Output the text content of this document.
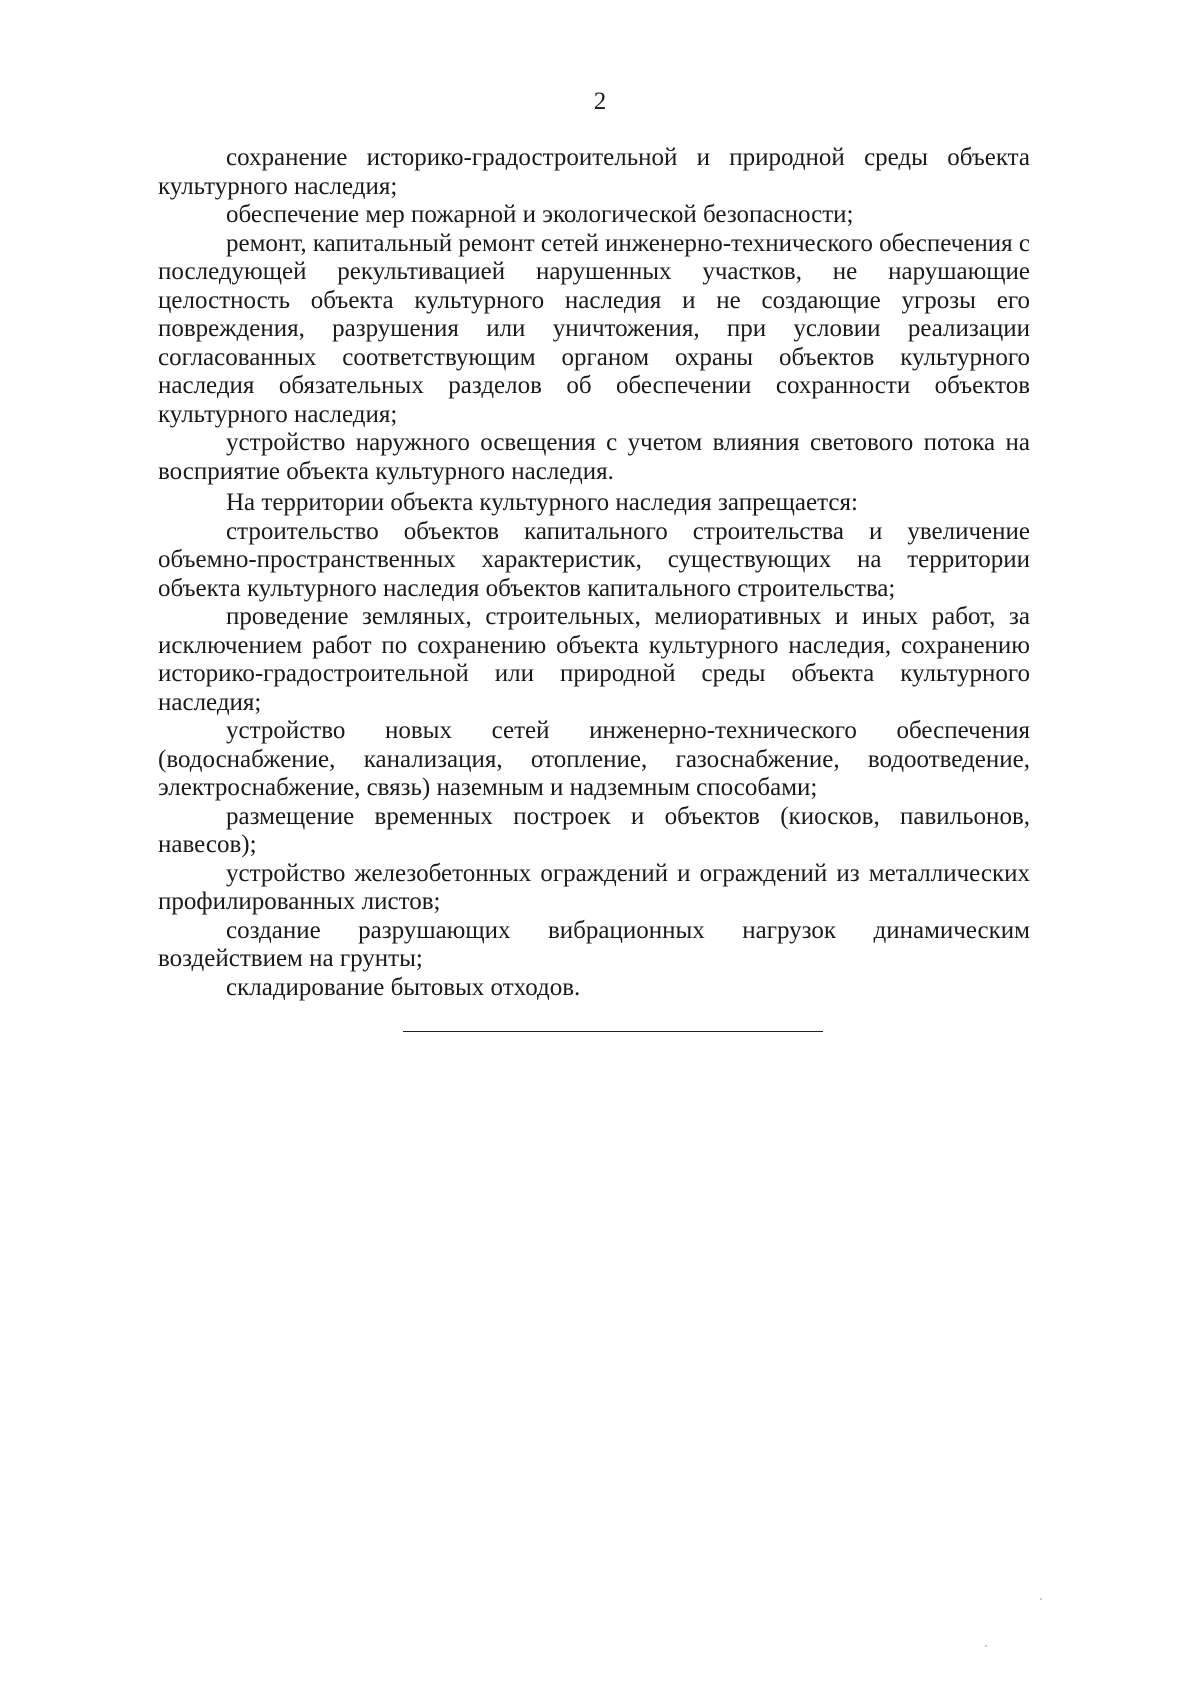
2

сохранение историко-градостроительной и природной среды объекта культурного наследия;

обеспечение мер пожарной и экологической безопасности;

ремонт, капитальный ремонт сетей инженерно-технического обеспечения с последующей рекультивацией нарушенных участков, не нарушающие целостность объекта культурного наследия и не создающие угрозы его повреждения, разрушения или уничтожения, при условии реализации согласованных соответствующим органом охраны объектов культурного наследия обязательных разделов об обеспечении сохранности объектов культурного наследия;

устройство наружного освещения с учетом влияния светового потока на восприятие объекта культурного наследия.

На территории объекта культурного наследия запрещается:

строительство объектов капитального строительства и увеличение объемно-пространственных характеристик, существующих на территории объекта культурного наследия объектов капитального строительства;

проведение земляных, строительных, мелиоративных и иных работ, за исключением работ по сохранению объекта культурного наследия, сохранению историко-градостроительной или природной среды объекта культурного наследия;

устройство новых сетей инженерно-технического обеспечения (водоснабжение, канализация, отопление, газоснабжение, водоотведение, электроснабжение, связь) наземным и надземным способами;

размещение временных построек и объектов (киосков, павильонов, навесов);

устройство железобетонных ограждений и ограждений из металлических профилированных листов;

создание разрушающих вибрационных нагрузок динамическим воздействием на грунты;

складирование бытовых отходов.
